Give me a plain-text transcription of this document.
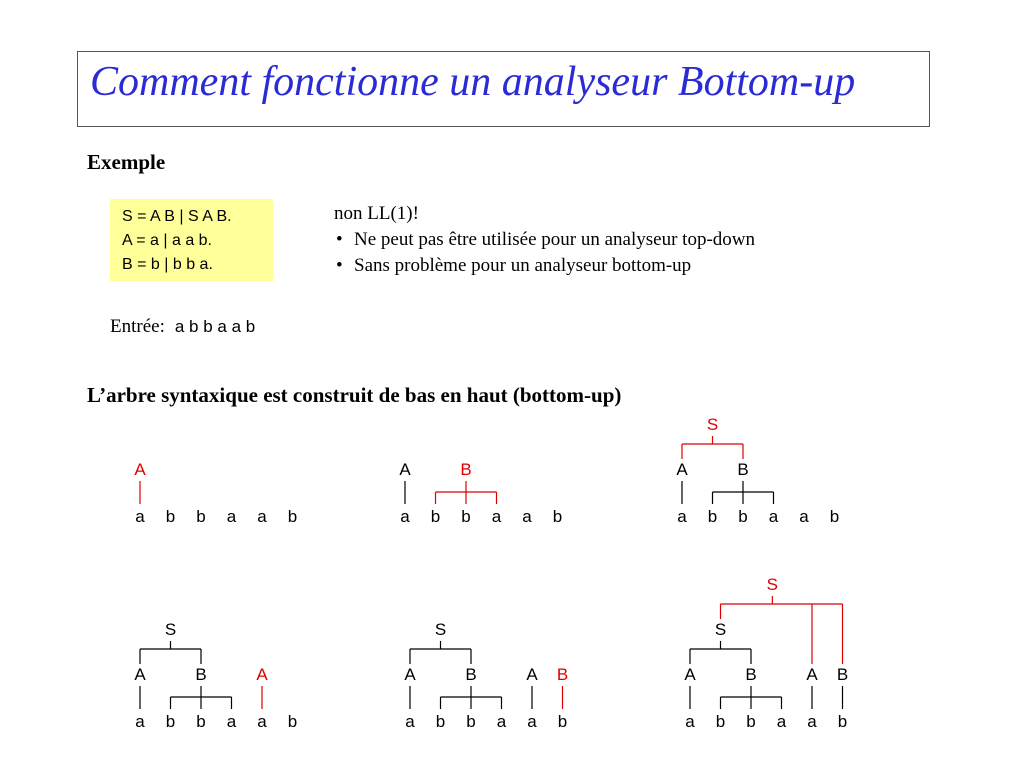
Comment fonctionne un analyseur Bottom-up
Exemple
S = A B | S A B.
A = a | a a b.
B = b | b b a.
non LL(1)!
• Ne peut pas être utilisée pour un analyseur top-down
• Sans problème pour un analyseur bottom-up
Entrée: a b b a a b
L’arbre syntaxique est construit de bas en haut (bottom-up)
a b b a a b
A
a b b a a b
A	B
a b b a a b
A	B
S
a b b a a b
A	B
S
A
a b b a a b
A	B
S
A B
a b b a a b
A	B
S
A B
S
